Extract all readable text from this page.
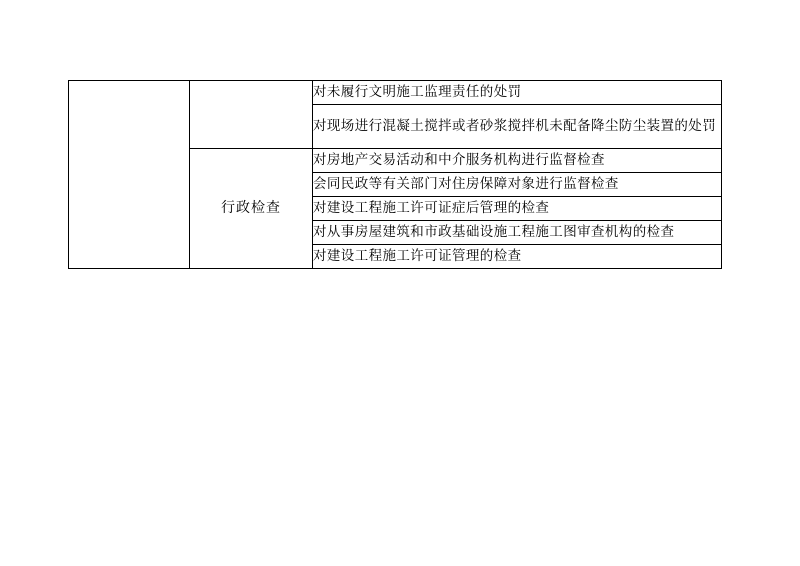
		对未履行文明施工监理责任的处罚
		对现场进行混凝土搅拌或者砂浆搅拌机未配备降尘防尘装置的处罚
	行政检查	对房地产交易活动和中介服务机构进行监督检查
		会同民政等有关部门对住房保障对象进行监督检查
		对建设工程施工许可证症后管理的检查
		对从事房屋建筑和市政基础设施工程施工图审查机构的检查
		对建设工程施工许可证管理的检查
